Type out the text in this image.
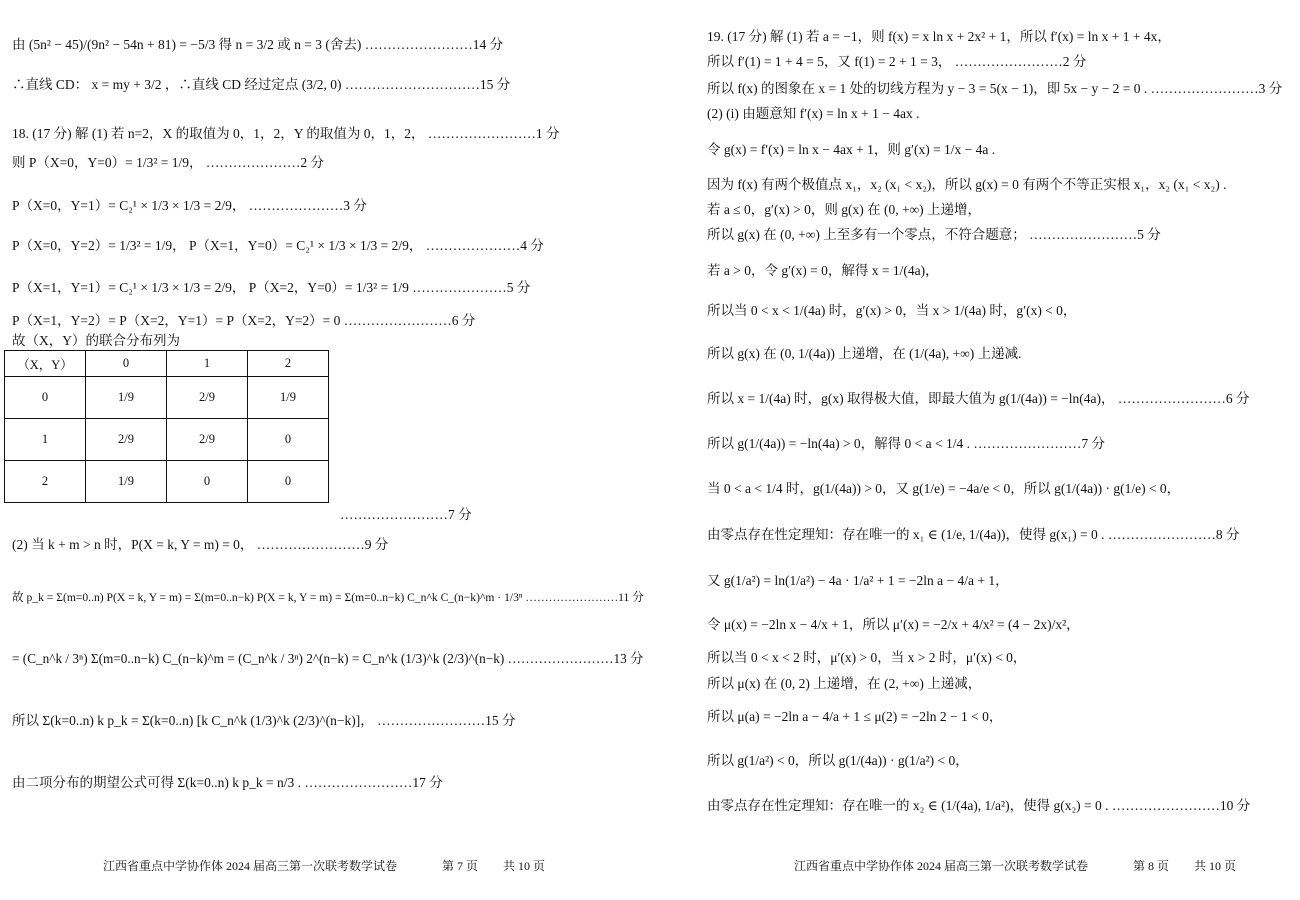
由 (5n² − 45)/(9n² − 54n + 81) = −5/3 得 n = 3/2 或 n = 3 (舍去) ……………………14 分
∴直线 CD： x = my + 3/2 ，∴直线 CD 经过定点 (3/2, 0) …………………………15 分
18. (17 分) 解 (1) 若 n=2，X 的取值为 0，1，2，Y 的取值为 0，1，2， ……………………1 分
则 P（X=0，Y=0）= 1/3² = 1/9， …………………2 分
P（X=0，Y=1）= C₂¹ × 1/3 × 1/3 = 2/9， …………………3 分
P（X=0，Y=2）= 1/3² = 1/9， P（X=1，Y=0）= C₂¹ × 1/3 × 1/3 = 2/9， …………………4 分
P（X=1，Y=1）= C₂¹ × 1/3 × 1/3 = 2/9， P（X=2，Y=0）= 1/3² = 1/9 …………………5 分
P（X=1，Y=2）= P（X=2，Y=1）= P（X=2，Y=2）= 0 ……………………6 分
故（X，Y）的联合分布列为
（X，Y）	0	1	2
0	1/9	2/9	1/9
1	2/9	2/9	0
2	1/9	0	0
……………………7 分
(2) 当 k + m > n 时，P(X = k, Y = m) = 0， ……………………9 分
故 p_k = Σ(m=0..n) P(X = k, Y = m) = Σ(m=0..n−k) P(X = k, Y = m) = Σ(m=0..n−k) C_n^k C_(n−k)^m · 1/3ⁿ ……………………11 分
= (C_n^k / 3ⁿ) Σ(m=0..n−k) C_(n−k)^m = (C_n^k / 3ⁿ) 2^(n−k) = C_n^k (1/3)^k (2/3)^(n−k) ……………………13 分
所以 Σ(k=0..n) k p_k = Σ(k=0..n) [k C_n^k (1/3)^k (2/3)^(n−k)]， ……………………15 分
由二项分布的期望公式可得 Σ(k=0..n) k p_k = n/3 . ……………………17 分
江西省重点中学协作体 2024 届高三第一次联考数学试卷	第 7 页 共 10 页
19. (17 分) 解 (1) 若 a = −1，则 f(x) = x ln x + 2x² + 1，所以 f′(x) = ln x + 1 + 4x，
所以 f′(1) = 1 + 4 = 5，又 f(1) = 2 + 1 = 3， ……………………2 分
所以 f(x) 的图象在 x = 1 处的切线方程为 y − 3 = 5(x − 1)，即 5x − y − 2 = 0 . ……………………3 分
(2) (i) 由题意知 f′(x) = ln x + 1 − 4ax .
令 g(x) = f′(x) = ln x − 4ax + 1，则 g′(x) = 1/x − 4a .
因为 f(x) 有两个极值点 x₁，x₂ (x₁ < x₂)，所以 g(x) = 0 有两个不等正实根 x₁，x₂ (x₁ < x₂) .
若 a ≤ 0，g′(x) > 0，则 g(x) 在 (0, +∞) 上递增，
所以 g(x) 在 (0, +∞) 上至多有一个零点，不符合题意； ……………………5 分
若 a > 0，令 g′(x) = 0，解得 x = 1/(4a)，
所以当 0 < x < 1/(4a) 时，g′(x) > 0，当 x > 1/(4a) 时，g′(x) < 0，
所以 g(x) 在 (0, 1/(4a)) 上递增，在 (1/(4a), +∞) 上递减.
所以 x = 1/(4a) 时，g(x) 取得极大值，即最大值为 g(1/(4a)) = −ln(4a)， ……………………6 分
所以 g(1/(4a)) = −ln(4a) > 0，解得 0 < a < 1/4 . ……………………7 分
当 0 < a < 1/4 时，g(1/(4a)) > 0，又 g(1/e) = −4a/e < 0，所以 g(1/(4a)) · g(1/e) < 0，
由零点存在性定理知：存在唯一的 x₁ ∈ (1/e, 1/(4a))，使得 g(x₁) = 0 . ……………………8 分
又 g(1/a²) = ln(1/a²) − 4a · 1/a² + 1 = −2ln a − 4/a + 1，
令 μ(x) = −2ln x − 4/x + 1，所以 μ′(x) = −2/x + 4/x² = (4 − 2x)/x²，
所以当 0 < x < 2 时，μ′(x) > 0，当 x > 2 时，μ′(x) < 0，
所以 μ(x) 在 (0, 2) 上递增，在 (2, +∞) 上递减，
所以 μ(a) = −2ln a − 4/a + 1 ≤ μ(2) = −2ln 2 − 1 < 0，
所以 g(1/a²) < 0，所以 g(1/(4a)) · g(1/a²) < 0，
由零点存在性定理知：存在唯一的 x₂ ∈ (1/(4a), 1/a²)，使得 g(x₂) = 0 . ……………………10 分
江西省重点中学协作体 2024 届高三第一次联考数学试卷	第 8 页 共 10 页
